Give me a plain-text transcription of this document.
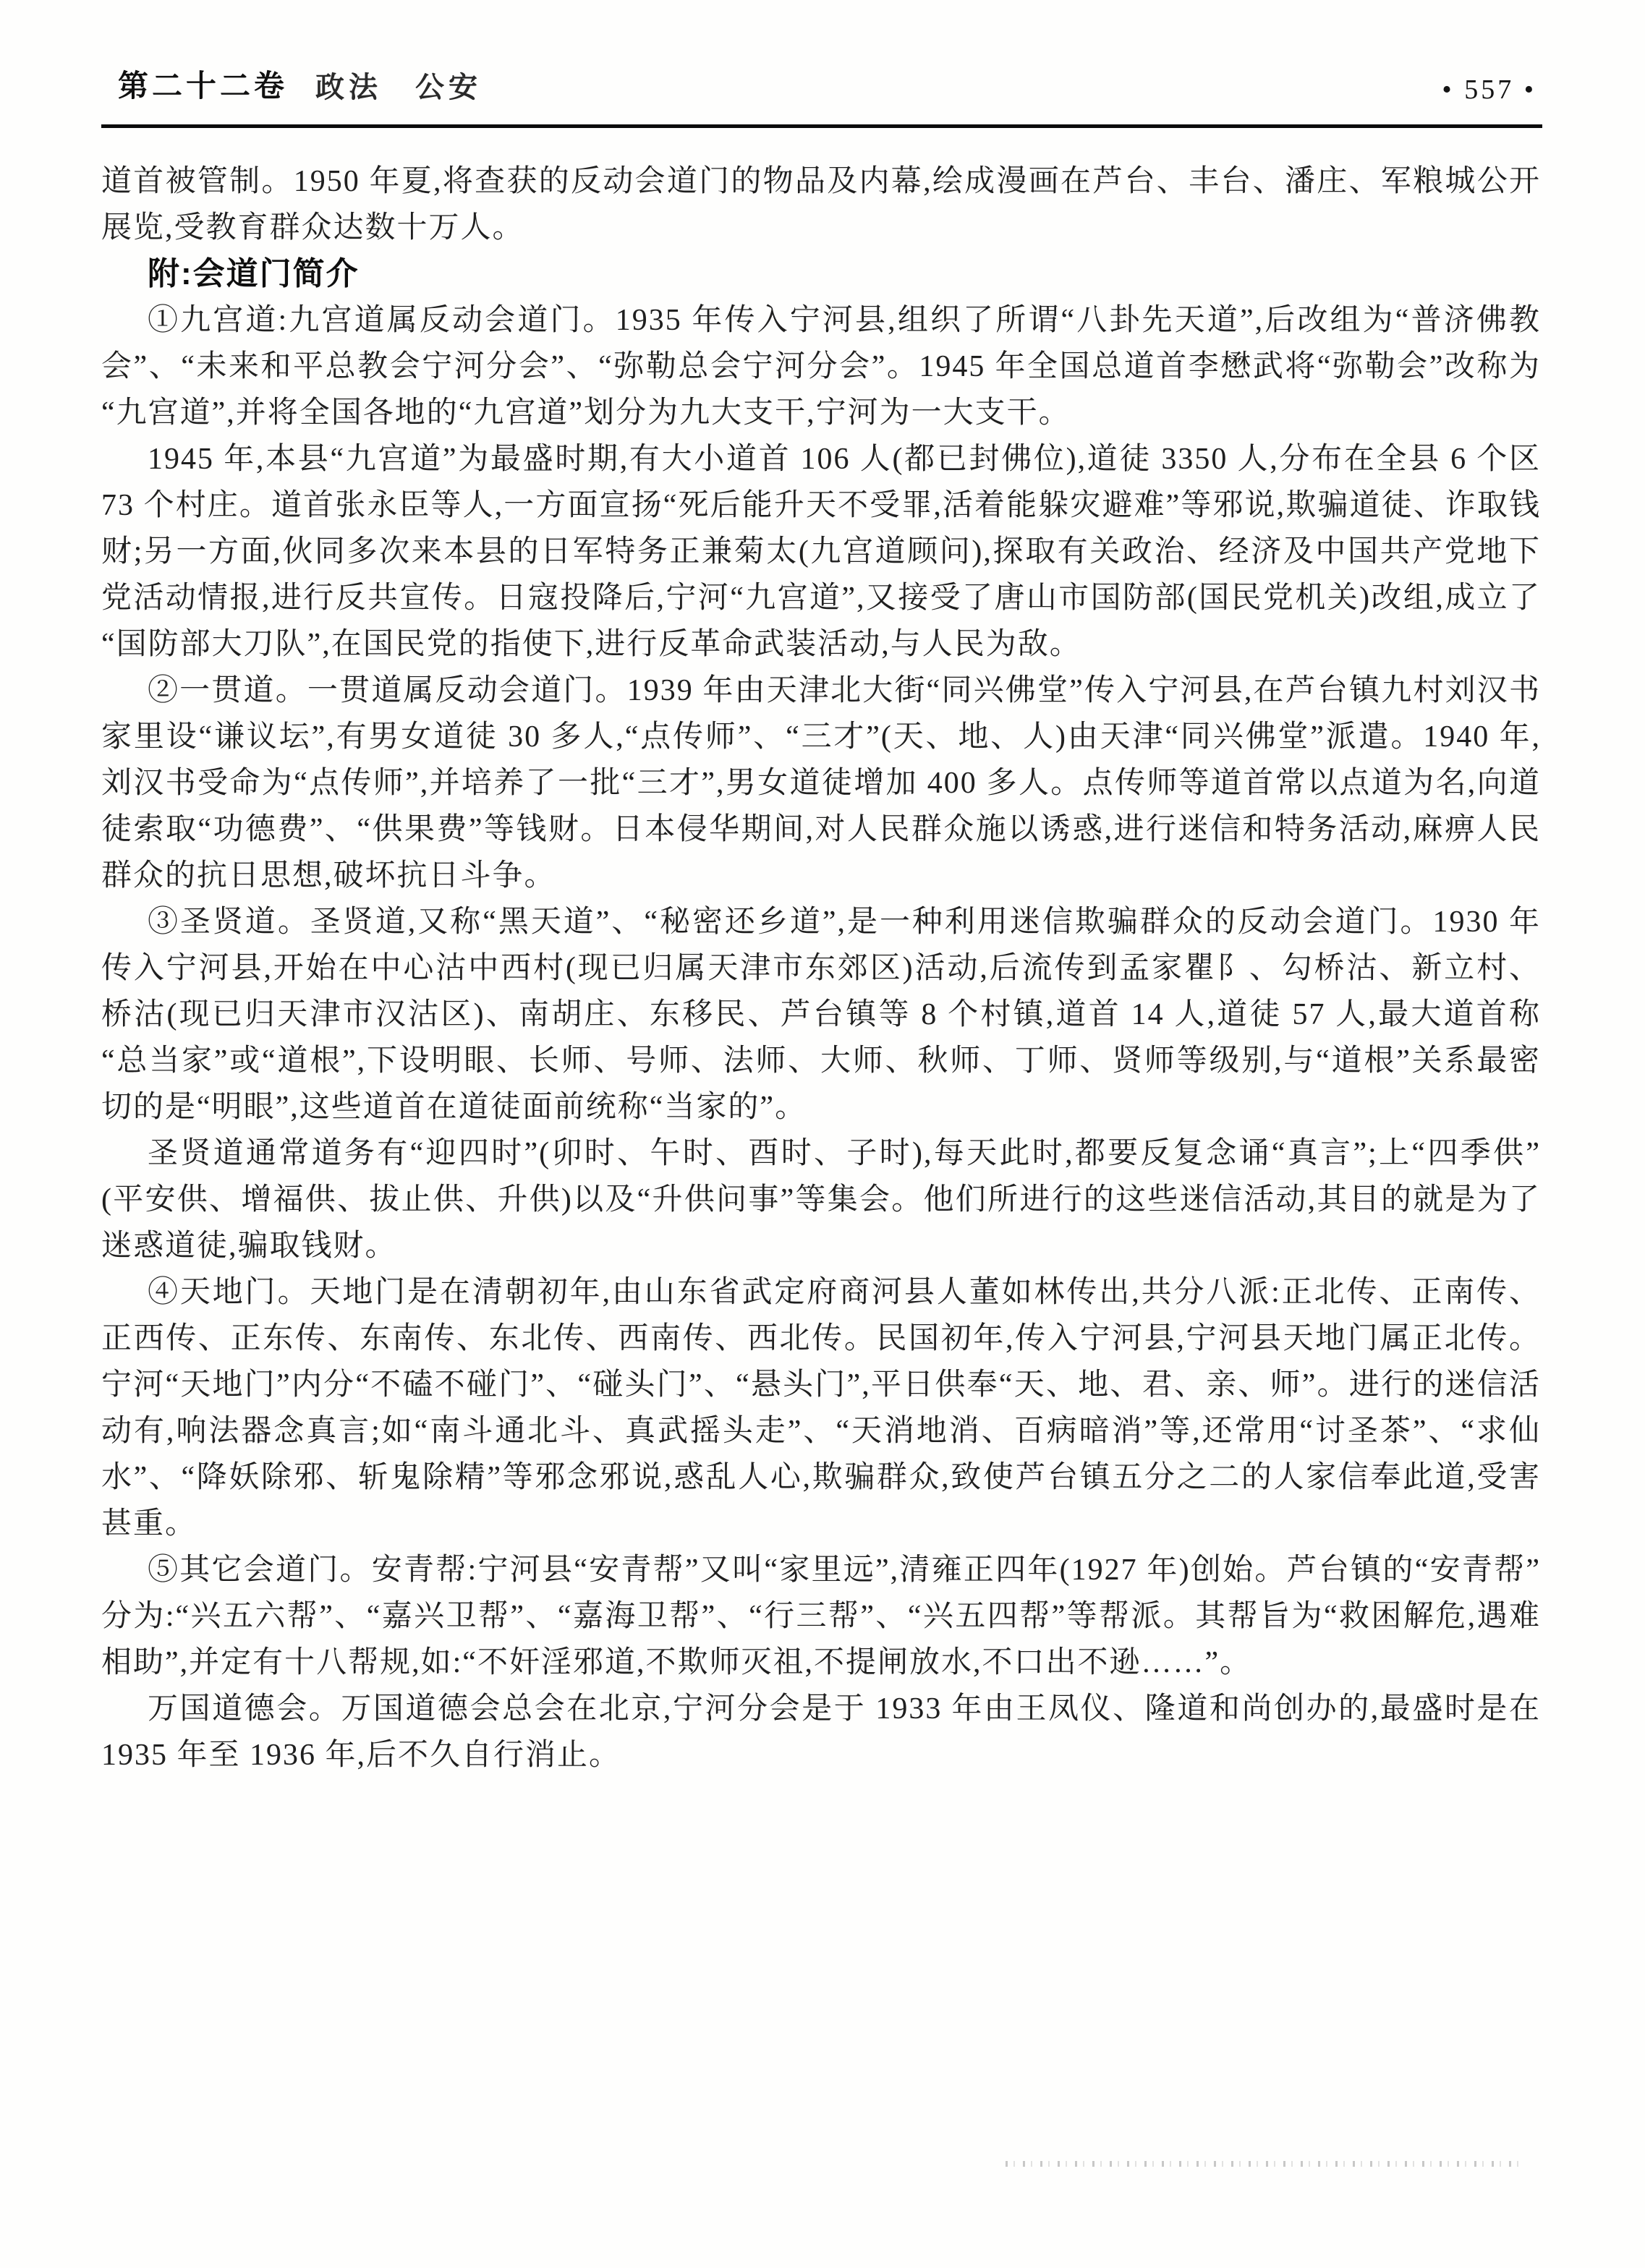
第二十二卷 政法　公安	• 557 •

道首被管制。1950 年夏,将查获的反动会道门的物品及内幕,绘成漫画在芦台、丰台、潘庄、军粮城公开展览,受教育群众达数十万人。

附:会道门简介

①九宫道:九宫道属反动会道门。1935 年传入宁河县,组织了所谓“八卦先天道”,后改组为“普济佛教会”、“未来和平总教会宁河分会”、“弥勒总会宁河分会”。1945 年全国总道首李懋武将“弥勒会”改称为“九宫道”,并将全国各地的“九宫道”划分为九大支干,宁河为一大支干。

1945 年,本县“九宫道”为最盛时期,有大小道首 106 人(都已封佛位),道徒 3350 人,分布在全县 6 个区 73 个村庄。道首张永臣等人,一方面宣扬“死后能升天不受罪,活着能躲灾避难”等邪说,欺骗道徒、诈取钱财;另一方面,伙同多次来本县的日军特务正兼菊太(九宫道顾问),探取有关政治、经济及中国共产党地下党活动情报,进行反共宣传。日寇投降后,宁河“九宫道”,又接受了唐山市国防部(国民党机关)改组,成立了“国防部大刀队”,在国民党的指使下,进行反革命武装活动,与人民为敌。

②一贯道。一贯道属反动会道门。1939 年由天津北大街“同兴佛堂”传入宁河县,在芦台镇九村刘汉书家里设“谦议坛”,有男女道徒 30 多人,“点传师”、“三才”(天、地、人)由天津“同兴佛堂”派遣。1940 年,刘汉书受命为“点传师”,并培养了一批“三才”,男女道徒增加 400 多人。点传师等道首常以点道为名,向道徒索取“功德费”、“供果费”等钱财。日本侵华期间,对人民群众施以诱惑,进行迷信和特务活动,麻痹人民群众的抗日思想,破坏抗日斗争。

③圣贤道。圣贤道,又称“黑天道”、“秘密还乡道”,是一种利用迷信欺骗群众的反动会道门。1930 年传入宁河县,开始在中心沽中西村(现已归属天津市东郊区)活动,后流传到孟家瞿阝、勾桥沽、新立村、桥沽(现已归天津市汉沽区)、南胡庄、东移民、芦台镇等 8 个村镇,道首 14 人,道徒 57 人,最大道首称“总当家”或“道根”,下设明眼、长师、号师、法师、大师、秋师、丁师、贤师等级别,与“道根”关系最密切的是“明眼”,这些道首在道徒面前统称“当家的”。

圣贤道通常道务有“迎四时”(卯时、午时、酉时、子时),每天此时,都要反复念诵“真言”;上“四季供”(平安供、增福供、拔止供、升供)以及“升供问事”等集会。他们所进行的这些迷信活动,其目的就是为了迷惑道徒,骗取钱财。

④天地门。天地门是在清朝初年,由山东省武定府商河县人董如林传出,共分八派:正北传、正南传、正西传、正东传、东南传、东北传、西南传、西北传。民国初年,传入宁河县,宁河县天地门属正北传。宁河“天地门”内分“不磕不碰门”、“碰头门”、“悬头门”,平日供奉“天、地、君、亲、师”。进行的迷信活动有,响法器念真言;如“南斗通北斗、真武摇头走”、“天消地消、百病暗消”等,还常用“讨圣茶”、“求仙水”、“降妖除邪、斩鬼除精”等邪念邪说,惑乱人心,欺骗群众,致使芦台镇五分之二的人家信奉此道,受害甚重。

⑤其它会道门。安青帮:宁河县“安青帮”又叫“家里远”,清雍正四年(1927 年)创始。芦台镇的“安青帮”分为:“兴五六帮”、“嘉兴卫帮”、“嘉海卫帮”、“行三帮”、“兴五四帮”等帮派。其帮旨为“救困解危,遇难相助”,并定有十八帮规,如:“不奸淫邪道,不欺师灭祖,不提闸放水,不口出不逊……”。

万国道德会。万国道德会总会在北京,宁河分会是于 1933 年由王凤仪、隆道和尚创办的,最盛时是在 1935 年至 1936 年,后不久自行消止。
